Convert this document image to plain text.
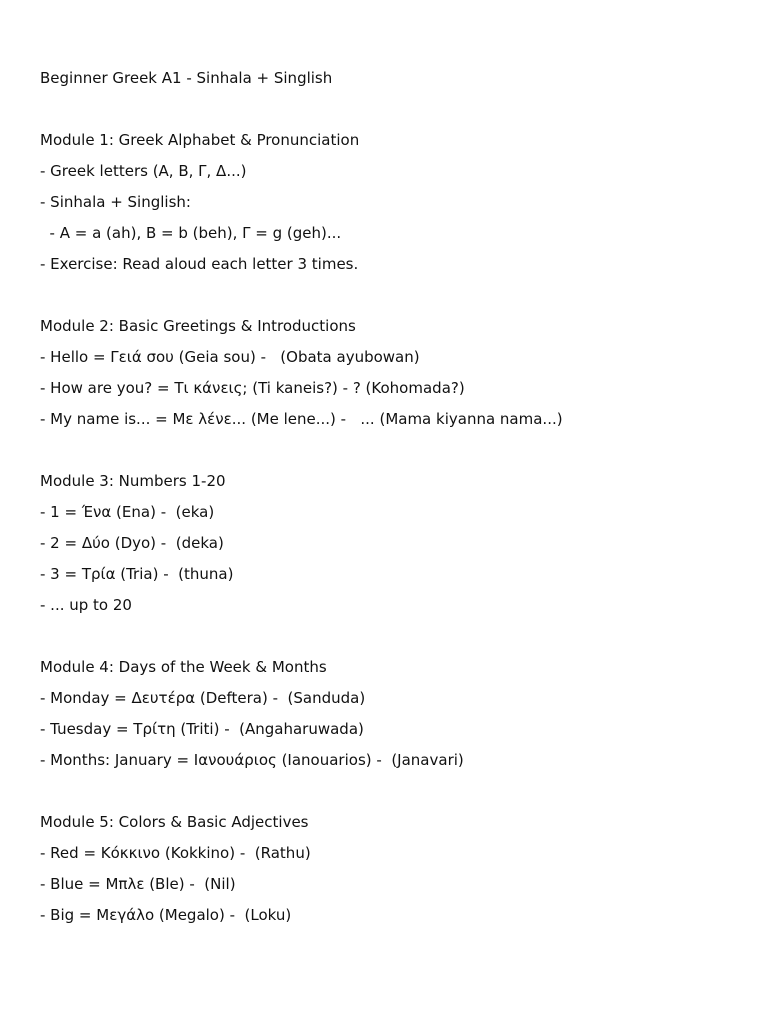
Beginner Greek A1 - Sinhala + Singlish
Module 1: Greek Alphabet & Pronunciation
- Greek letters (Α, Β, Γ, Δ...)
- Sinhala + Singlish:
- Α = a (ah), Β = b (beh), Γ = g (geh)...
- Exercise: Read aloud each letter 3 times.
Module 2: Basic Greetings & Introductions
- Hello = Γειά σου (Geia sou) -   (Obata ayubowan)
- How are you? = Τι κάνεις; (Ti kaneis?) - ? (Kohomada?)
- My name is... = Με λένε... (Me lene...) -   ... (Mama kiyanna nama...)
Module 3: Numbers 1-20
- 1 = Ένα (Ena) -  (eka)
- 2 = Δύο (Dyo) -  (deka)
- 3 = Τρία (Tria) -  (thuna)
- ... up to 20
Module 4: Days of the Week & Months
- Monday = Δευτέρα (Deftera) -  (Sanduda)
- Tuesday = Τρίτη (Triti) -  (Angaharuwada)
- Months: January = Ιανουάριος (Ianouarios) -  (Janavari)
Module 5: Colors & Basic Adjectives
- Red = Κόκκινο (Kokkino) -  (Rathu)
- Blue = Μπλε (Ble) -  (Nil)
- Big = Μεγάλο (Megalo) -  (Loku)
